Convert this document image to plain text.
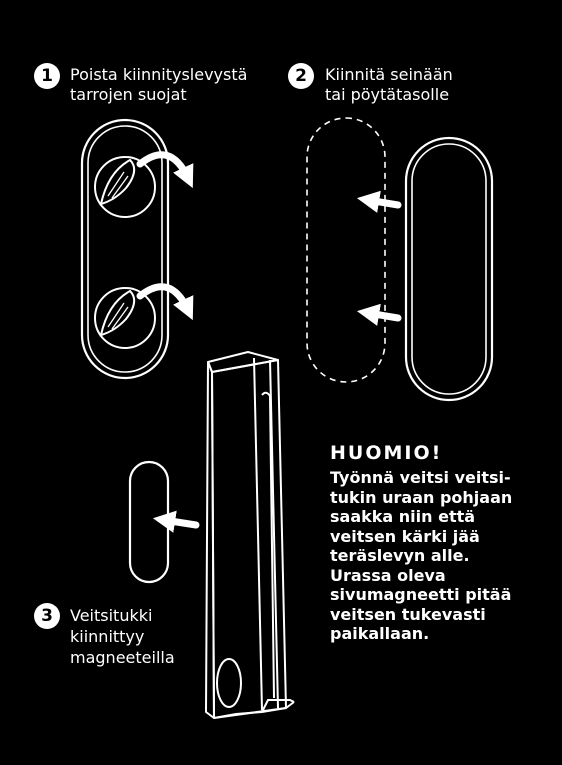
1	Poista kiinnityslevystä
tarrojen suojat
2	Kiinnitä seinään
tai pöytätasolle
3	Veitsitukki
kiinnittyy
magneeteilla
HUOMIO!
Työnnä veitsi veitsi-
tukin uraan pohjaan
saakka niin että
veitsen kärki jää
teräslevyn alle.
Urassa oleva
sivumagneetti pitää
veitsen tukevasti
paikallaan.
